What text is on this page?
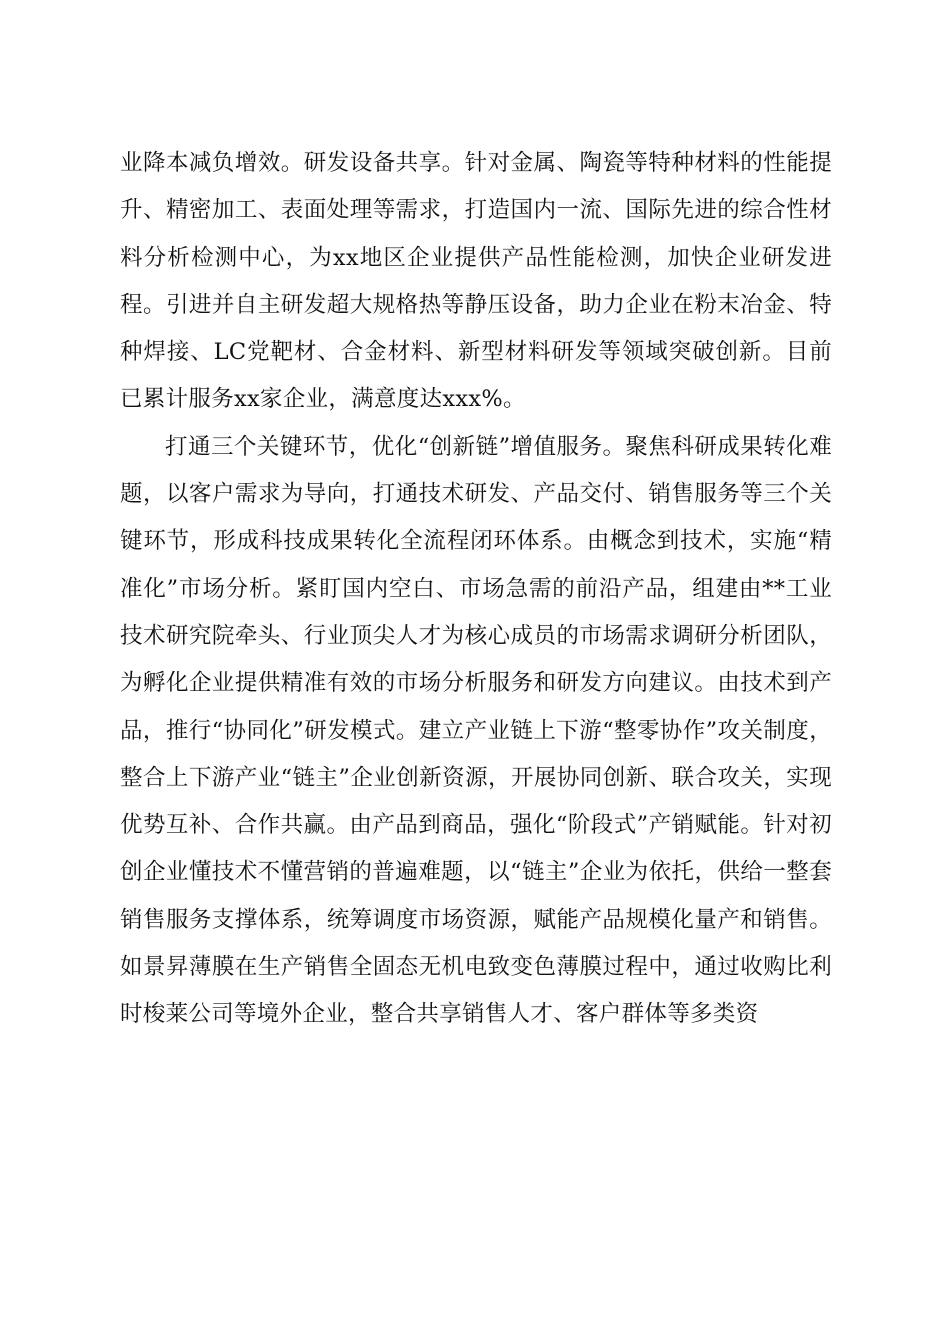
业降本减负增效。研发设备共享。针对金属、陶瓷等特种材料的性能提升、精密加工、表面处理等需求，打造国内一流、国际先进的综合性材料分析检测中心，为xx地区企业提供产品性能检测，加快企业研发进程。引进并自主研发超大规格热等静压设备，助力企业在粉末冶金、特种焊接、LC党靶材、合金材料、新型材料研发等领域突破创新。目前已累计服务xx家企业，满意度达xxx%。

打通三个关键环节，优化“创新链”增值服务。聚焦科研成果转化难题，以客户需求为导向，打通技术研发、产品交付、销售服务等三个关键环节，形成科技成果转化全流程闭环体系。由概念到技术，实施“精准化”市场分析。紧盯国内空白、市场急需的前沿产品，组建由**工业技术研究院牵头、行业顶尖人才为核心成员的市场需求调研分析团队，为孵化企业提供精准有效的市场分析服务和研发方向建议。由技术到产品，推行“协同化”研发模式。建立产业链上下游“整零协作”攻关制度，整合上下游产业“链主”企业创新资源，开展协同创新、联合攻关，实现优势互补、合作共赢。由产品到商品，强化“阶段式”产销赋能。针对初创企业懂技术不懂营销的普遍难题，以“链主”企业为依托，供给一整套销售服务支撑体系，统筹调度市场资源，赋能产品规模化量产和销售。如景昇薄膜在生产销售全固态无机电致变色薄膜过程中，通过收购比利时梭莱公司等境外企业，整合共享销售人才、客户群体等多类资
